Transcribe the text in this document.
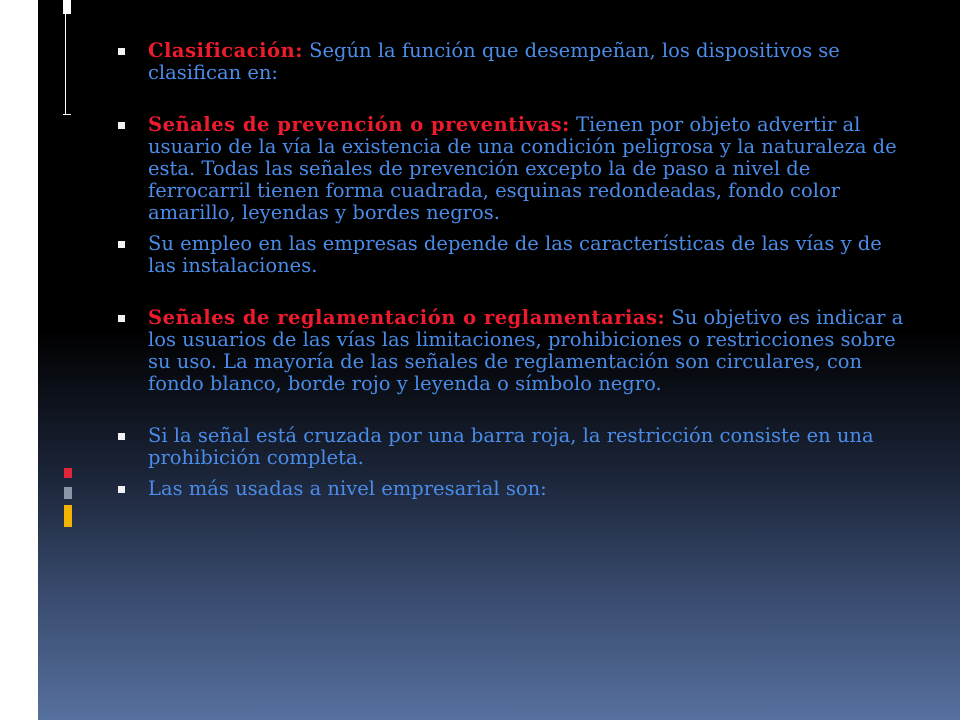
Clasificación: Según la función que desempeñan, los dispositivos se clasifican en:

Señales de prevención o preventivas: Tienen por objeto advertir al usuario de la vía la existencia de una condición peligrosa y la naturaleza de esta. Todas las señales de prevención excepto la de paso a nivel de ferrocarril tienen forma cuadrada, esquinas redondeadas, fondo color amarillo, leyendas y bordes negros.

Su empleo en las empresas depende de las características de las vías y de las instalaciones.

Señales de reglamentación o reglamentarias: Su objetivo es indicar a los usuarios de las vías las limitaciones, prohibiciones o restricciones sobre su uso. La mayoría de las señales de reglamentación son circulares, con fondo blanco, borde rojo y leyenda o símbolo negro.

Si la señal está cruzada por una barra roja, la restricción consiste en una prohibición completa.

Las más usadas a nivel empresarial son:
